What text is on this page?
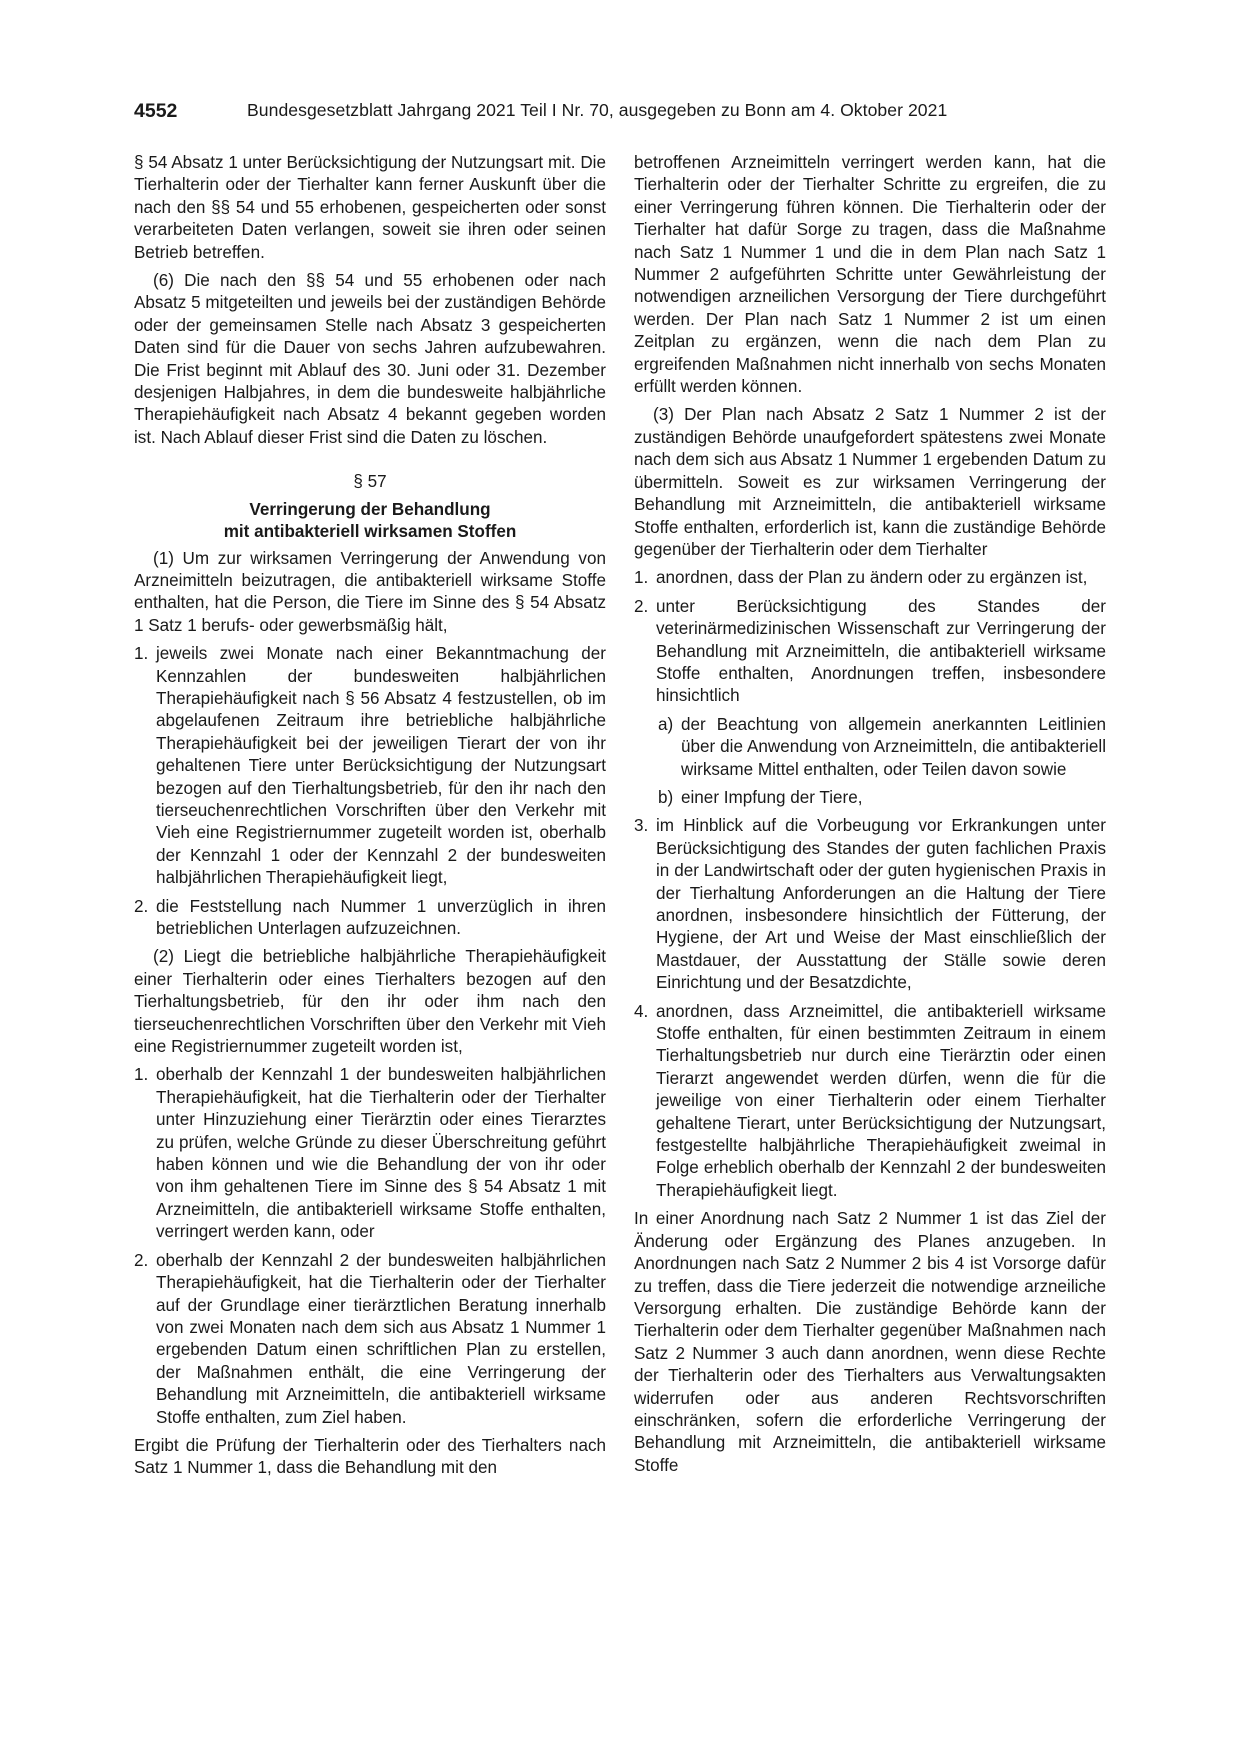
4552	Bundesgesetzblatt Jahrgang 2021 Teil I Nr. 70, ausgegeben zu Bonn am 4. Oktober 2021

§ 54 Absatz 1 unter Berücksichtigung der Nutzungsart mit. Die Tierhalterin oder der Tierhalter kann ferner Auskunft über die nach den §§ 54 und 55 erhobenen, gespeicherten oder sonst verarbeiteten Daten verlangen, soweit sie ihren oder seinen Betrieb betreffen.

(6) Die nach den §§ 54 und 55 erhobenen oder nach Absatz 5 mitgeteilten und jeweils bei der zuständigen Behörde oder der gemeinsamen Stelle nach Absatz 3 gespeicherten Daten sind für die Dauer von sechs Jahren aufzubewahren. Die Frist beginnt mit Ablauf des 30. Juni oder 31. Dezember desjenigen Halbjahres, in dem die bundesweite halbjährliche Therapiehäufigkeit nach Absatz 4 bekannt gegeben worden ist. Nach Ablauf dieser Frist sind die Daten zu löschen.

§ 57
Verringerung der Behandlung
mit antibakteriell wirksamen Stoffen

(1) Um zur wirksamen Verringerung der Anwendung von Arzneimitteln beizutragen, die antibakteriell wirksame Stoffe enthalten, hat die Person, die Tiere im Sinne des § 54 Absatz 1 Satz 1 berufs- oder gewerbsmäßig hält,

1. jeweils zwei Monate nach einer Bekanntmachung der Kennzahlen der bundesweiten halbjährlichen Therapiehäufigkeit nach § 56 Absatz 4 festzustellen, ob im abgelaufenen Zeitraum ihre betriebliche halbjährliche Therapiehäufigkeit bei der jeweiligen Tierart der von ihr gehaltenen Tiere unter Berücksichtigung der Nutzungsart bezogen auf den Tierhaltungsbetrieb, für den ihr nach den tierseuchenrechtlichen Vorschriften über den Verkehr mit Vieh eine Registriernummer zugeteilt worden ist, oberhalb der Kennzahl 1 oder der Kennzahl 2 der bundesweiten halbjährlichen Therapiehäufigkeit liegt,
2. die Feststellung nach Nummer 1 unverzüglich in ihren betrieblichen Unterlagen aufzuzeichnen.

(2) Liegt die betriebliche halbjährliche Therapiehäufigkeit einer Tierhalterin oder eines Tierhalters bezogen auf den Tierhaltungsbetrieb, für den ihr oder ihm nach den tierseuchenrechtlichen Vorschriften über den Verkehr mit Vieh eine Registriernummer zugeteilt worden ist,

1. oberhalb der Kennzahl 1 der bundesweiten halbjährlichen Therapiehäufigkeit, hat die Tierhalterin oder der Tierhalter unter Hinzuziehung einer Tierärztin oder eines Tierarztes zu prüfen, welche Gründe zu dieser Überschreitung geführt haben können und wie die Behandlung der von ihr oder von ihm gehaltenen Tiere im Sinne des § 54 Absatz 1 mit Arzneimitteln, die antibakteriell wirksame Stoffe enthalten, verringert werden kann, oder
2. oberhalb der Kennzahl 2 der bundesweiten halbjährlichen Therapiehäufigkeit, hat die Tierhalterin oder der Tierhalter auf der Grundlage einer tierärztlichen Beratung innerhalb von zwei Monaten nach dem sich aus Absatz 1 Nummer 1 ergebenden Datum einen schriftlichen Plan zu erstellen, der Maßnahmen enthält, die eine Verringerung der Behandlung mit Arzneimitteln, die antibakteriell wirksame Stoffe enthalten, zum Ziel haben.

Ergibt die Prüfung der Tierhalterin oder des Tierhalters nach Satz 1 Nummer 1, dass die Behandlung mit den

betroffenen Arzneimitteln verringert werden kann, hat die Tierhalterin oder der Tierhalter Schritte zu ergreifen, die zu einer Verringerung führen können. Die Tierhalterin oder der Tierhalter hat dafür Sorge zu tragen, dass die Maßnahme nach Satz 1 Nummer 1 und die in dem Plan nach Satz 1 Nummer 2 aufgeführten Schritte unter Gewährleistung der notwendigen arzneilichen Versorgung der Tiere durchgeführt werden. Der Plan nach Satz 1 Nummer 2 ist um einen Zeitplan zu ergänzen, wenn die nach dem Plan zu ergreifenden Maßnahmen nicht innerhalb von sechs Monaten erfüllt werden können.

(3) Der Plan nach Absatz 2 Satz 1 Nummer 2 ist der zuständigen Behörde unaufgefordert spätestens zwei Monate nach dem sich aus Absatz 1 Nummer 1 ergebenden Datum zu übermitteln. Soweit es zur wirksamen Verringerung der Behandlung mit Arzneimitteln, die antibakteriell wirksame Stoffe enthalten, erforderlich ist, kann die zuständige Behörde gegenüber der Tierhalterin oder dem Tierhalter

1. anordnen, dass der Plan zu ändern oder zu ergänzen ist,
2. unter Berücksichtigung des Standes der veterinärmedizinischen Wissenschaft zur Verringerung der Behandlung mit Arzneimitteln, die antibakteriell wirksame Stoffe enthalten, Anordnungen treffen, insbesondere hinsichtlich
a) der Beachtung von allgemein anerkannten Leitlinien über die Anwendung von Arzneimitteln, die antibakteriell wirksame Mittel enthalten, oder Teilen davon sowie
b) einer Impfung der Tiere,
3. im Hinblick auf die Vorbeugung vor Erkrankungen unter Berücksichtigung des Standes der guten fachlichen Praxis in der Landwirtschaft oder der guten hygienischen Praxis in der Tierhaltung Anforderungen an die Haltung der Tiere anordnen, insbesondere hinsichtlich der Fütterung, der Hygiene, der Art und Weise der Mast einschließlich der Mastdauer, der Ausstattung der Ställe sowie deren Einrichtung und der Besatzdichte,
4. anordnen, dass Arzneimittel, die antibakteriell wirksame Stoffe enthalten, für einen bestimmten Zeitraum in einem Tierhaltungsbetrieb nur durch eine Tierärztin oder einen Tierarzt angewendet werden dürfen, wenn die für die jeweilige von einer Tierhalterin oder einem Tierhalter gehaltene Tierart, unter Berücksichtigung der Nutzungsart, festgestellte halbjährliche Therapiehäufigkeit zweimal in Folge erheblich oberhalb der Kennzahl 2 der bundesweiten Therapiehäufigkeit liegt.

In einer Anordnung nach Satz 2 Nummer 1 ist das Ziel der Änderung oder Ergänzung des Planes anzugeben. In Anordnungen nach Satz 2 Nummer 2 bis 4 ist Vorsorge dafür zu treffen, dass die Tiere jederzeit die notwendige arzneiliche Versorgung erhalten. Die zuständige Behörde kann der Tierhalterin oder dem Tierhalter gegenüber Maßnahmen nach Satz 2 Nummer 3 auch dann anordnen, wenn diese Rechte der Tierhalterin oder des Tierhalters aus Verwaltungsakten widerrufen oder aus anderen Rechtsvorschriften einschränken, sofern die erforderliche Verringerung der Behandlung mit Arzneimitteln, die antibakteriell wirksame Stoffe
